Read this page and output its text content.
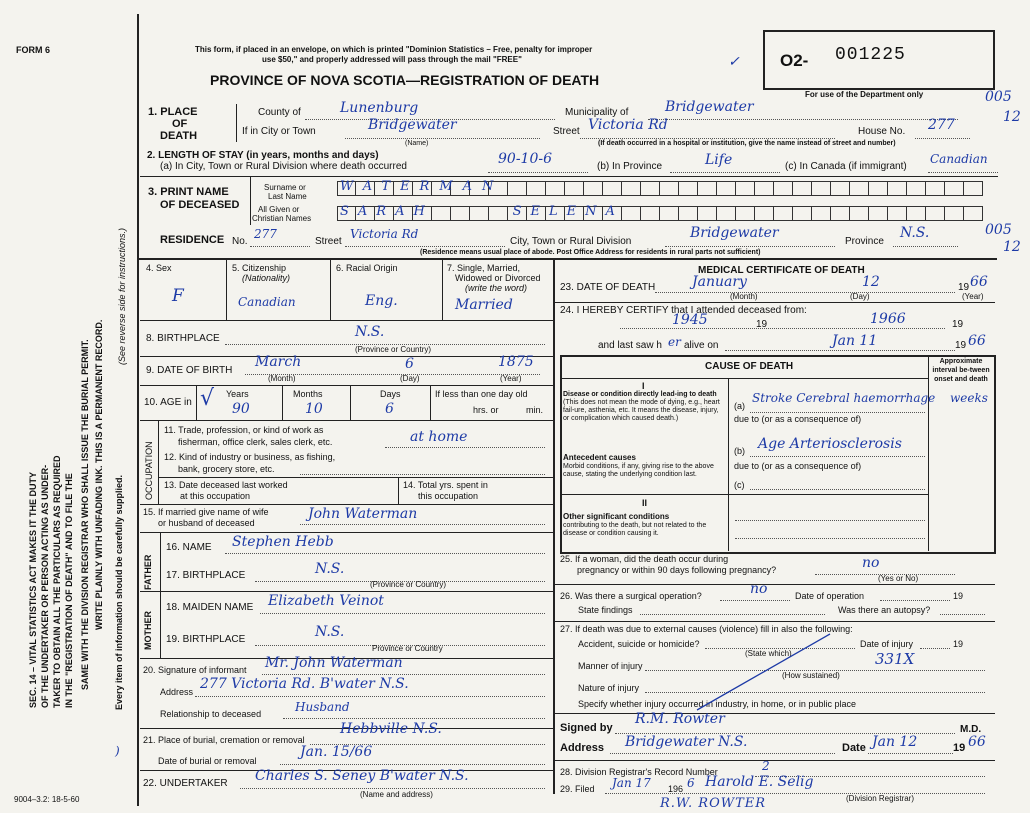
FORM 6	This form, if placed in an envelope, on which is printed "Dominion Statistics – Free, penalty for improper
use $50," and properly addressed will pass through the mail "FREE"
PROVINCE OF NOVA SCOTIA—REGISTRATION OF DEATH
✓ O2- 001225
For use of the Department only	005
12
SEC. 14 – VITAL STATISTICS ACT MAKES IT THE DUTY OF THE UNDERTAKER OR PERSON ACTING AS UNDER- TAKER TO OBTAIN ALL THE PARTICULARS AS REQUIRED IN THE "REGISTRATION OF DEATH" AND TO FILE THE SAME WITH THE DIVISION REGISTRAR WHO SHALL ISSUE THE BURIAL PERMIT. WRITE PLAINLY WITH UNFADING INK. THIS IS A PERMANENT RECORD. Every item of information should be carefully supplied.
(See reverse side for instructions.)
9004–3.2: 18-5-60
1. PLACE
OF
DEATH
County of	Lunenburg	Municipality of	Bridgewater
If in City or Town	Bridgewater
(Name)
Street Victoria Rd	House No. 277
(If death occurred in a hospital or institution, give the name instead of street and number)
2. LENGTH OF STAY (in years, months and days)
(a) In City, Town or Rural Division where death occurred	90-10-6	(b) In Province	Life	(c) In Canada (if immigrant)
Canadian
3. PRINT NAME
OF DECEASED
Surname or
Last Name
All Given or
Christian Names
WATERMAN
SARAH      SELENA
RESIDENCE No.
277
Street
Victoria Rd
City, Town or Rural Division
Bridgewater
Province
N.S.	005
12
(Residence means usual place of abode. Post Office Address for residents in rural parts not sufficient)
4. Sex
F
5. Citizenship
(Nationality)
Canadian
6. Racial Origin
Eng.
7. Single, Married,
Widowed or Divorced
(write the word)
Married
8. BIRTHPLACE	N.S.
(Province or Country)
9. DATE OF BIRTH
March	6	1875
(Month)	(Day)	(Year)
10. AGE in √ Years
90
Months
10
Days
6
If less than one day old
hrs. or	min.
OCCUPATION
11. Trade, profession, or kind of work as
fisherman, office clerk, sales clerk, etc.	at home
12. Kind of industry or business, as fishing,
bank, grocery store, etc.
13. Date deceased last worked
at this occupation
14. Total yrs. spent in
this occupation
15. If married give name of wife
or husband of deceased
John Waterman
FATHER
16. NAME Stephen Hebb
17. BIRTHPLACE	N.S.
(Province or Country)
MOTHER
18. MAIDEN NAME Elizabeth Veinot
19. BIRTHPLACE	N.S.
Province or Country
20. Signature of informant Mr. John Waterman
Address 277 Victoria Rd. B'water N.S.
Relationship to deceased	Husband
21. Place of burial, cremation or removal
Hebbville N.S.
Date of burial or removal
Jan. 15/66
22. UNDERTAKER Charles S. Seney B'water N.S.
(Name and address)
MEDICAL CERTIFICATE OF DEATH
23. DATE OF DEATH	January	12	19 66
(Month)	(Day)	(Year)
24. I HEREBY CERTIFY that I attended deceased from:
1945	19	1966	19
and last saw h er alive on	Jan 11	19 66
CAUSE OF DEATH	Approximate interval be-tween onset and death
I
Disease or condition directly lead-ing to death (This does not mean the mode of dying, e.g., heart fail-ure, asthenia, etc. It means the disease, injury, or complication which caused death.)
(a)
Stroke Cerebral haemorrhage weeks
due to (or as a consequence of)
(b) Age Arteriosclerosis
Antecedent causes
Morbid conditions, if any, giving rise to the above cause, stating the underlying condition last.
due to (or as a consequence of)
(c)
II
Other significant conditions
contributing to the death, but not related to the disease or condition causing it.
25. If a woman, did the death occur during
pregnancy or within 90 days following pregnancy?	no
(Yes or No)
26. Was there a surgical operation?	no	Date of operation	19
State findings	Was there an autopsy?
27. If death was due to external causes (violence) fill in also the following:
Accident, suicide or homicide?
(State which)
Date of injury	19
Manner of injury	331X
(How sustained)
Nature of injury
Specify whether injury occurred in industry, in home, or in public place
Signed by
R.M. Rowter
M.D.
Address Bridgewater N.S.	Date Jan 12	19 66
28. Division Registrar's Record Number	2
29. Filed Jan 17 196 6 Harold E. Selig
(Division Registrar)
R.W. ROWTER
)
